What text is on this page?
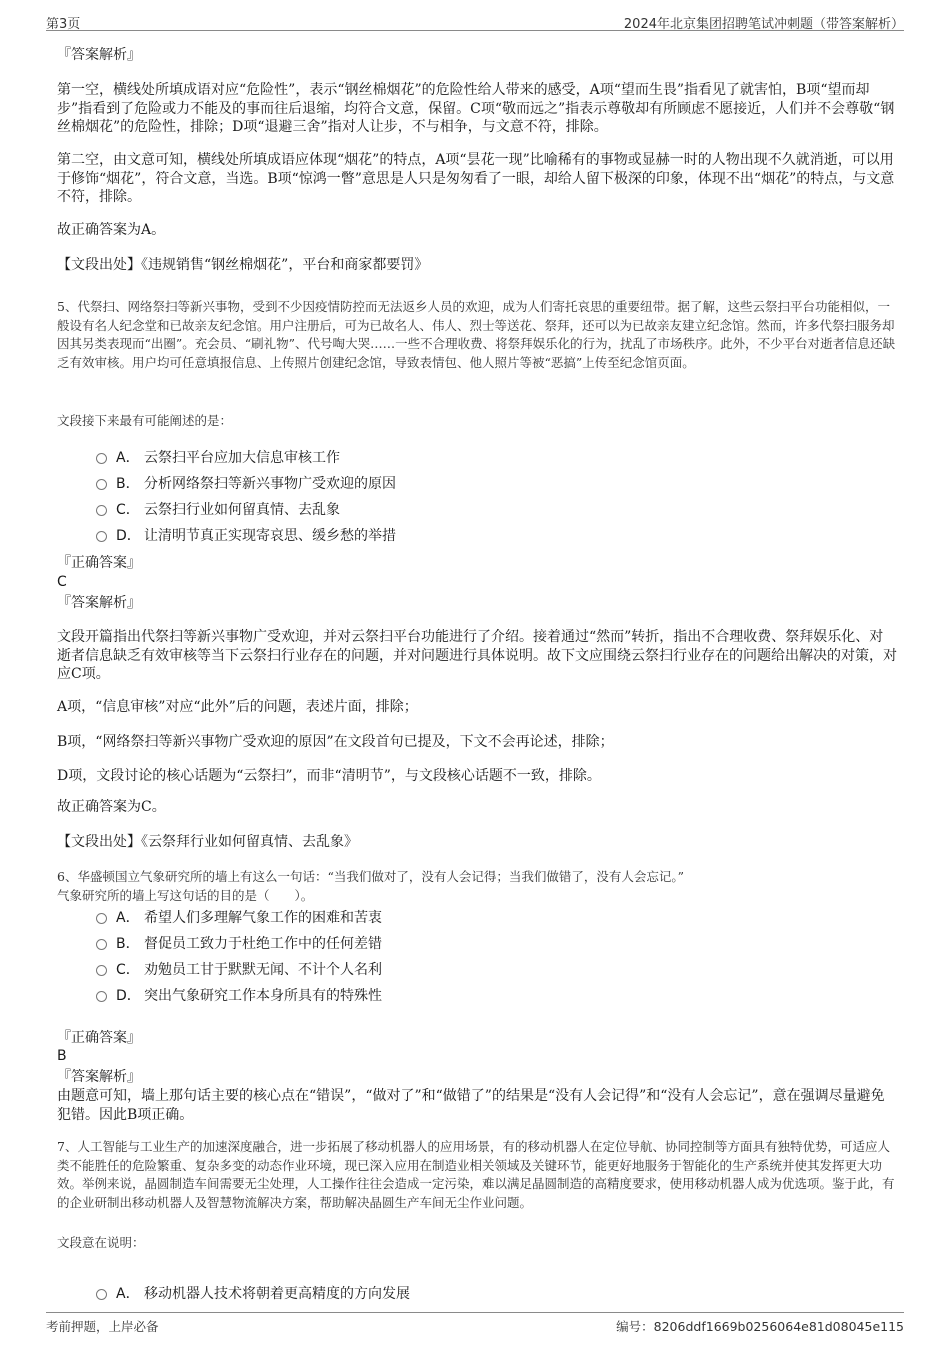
第3页	2024年北京集团招聘笔试冲刺题（带答案解析）

『答案解析』

第一空，横线处所填成语对应“危险性”，表示“钢丝棉烟花”的危险性给人带来的感受，A项“望而生畏”指看见了就害怕，B项“望而却步”指看到了危险或力不能及的事而往后退缩，均符合文意，保留。C项“敬而远之”指表示尊敬却有所顾虑不愿接近，人们并不会尊敬“钢丝棉烟花”的危险性，排除；D项“退避三舍”指对人让步，不与相争，与文意不符，排除。

第二空，由文意可知，横线处所填成语应体现“烟花”的特点，A项“昙花一现”比喻稀有的事物或显赫一时的人物出现不久就消逝，可以用于修饰“烟花”，符合文意，当选。B项“惊鸿一瞥”意思是人只是匆匆看了一眼，却给人留下极深的印象，体现不出“烟花”的特点，与文意不符，排除。

故正确答案为A。

【文段出处】《违规销售“钢丝棉烟花”，平台和商家都要罚》

5、代祭扫、网络祭扫等新兴事物，受到不少因疫情防控而无法返乡人员的欢迎，成为人们寄托哀思的重要纽带。据了解，这些云祭扫平台功能相似，一般设有名人纪念堂和已故亲友纪念馆。用户注册后，可为已故名人、伟人、烈士等送花、祭拜，还可以为已故亲友建立纪念馆。然而，许多代祭扫服务却因其另类表现而“出圈”。充会员、“刷礼物”、代号啕大哭……一些不合理收费、将祭拜娱乐化的行为，扰乱了市场秩序。此外，不少平台对逝者信息还缺乏有效审核。用户均可任意填报信息、上传照片创建纪念馆，导致表情包、他人照片等被“恶搞”上传至纪念馆页面。

文段接下来最有可能阐述的是：

A． 云祭扫平台应加大信息审核工作
B． 分析网络祭扫等新兴事物广受欢迎的原因
C． 云祭扫行业如何留真情、去乱象
D． 让清明节真正实现寄哀思、缓乡愁的举措

『正确答案』

C

『答案解析』

文段开篇指出代祭扫等新兴事物广受欢迎，并对云祭扫平台功能进行了介绍。接着通过“然而”转折，指出不合理收费、祭拜娱乐化、对逝者信息缺乏有效审核等当下云祭扫行业存在的问题，并对问题进行具体说明。故下文应围绕云祭扫行业存在的问题给出解决的对策，对应C项。

A项，“信息审核”对应“此外”后的问题，表述片面，排除；

B项，“网络祭扫等新兴事物广受欢迎的原因”在文段首句已提及，下文不会再论述，排除；

D项，文段讨论的核心话题为“云祭扫”，而非“清明节”，与文段核心话题不一致，排除。

故正确答案为C。

【文段出处】《云祭拜行业如何留真情、去乱象》

6、华盛顿国立气象研究所的墙上有这么一句话：“当我们做对了，没有人会记得；当我们做错了，没有人会忘记。”

气象研究所的墙上写这句话的目的是（　　）。

A． 希望人们多理解气象工作的困难和苦衷
B． 督促员工致力于杜绝工作中的任何差错
C． 劝勉员工甘于默默无闻、不计个人名利
D． 突出气象研究工作本身所具有的特殊性

『正确答案』

B

『答案解析』

由题意可知，墙上那句话主要的核心点在“错误”，“做对了”和“做错了”的结果是“没有人会记得”和“没有人会忘记”，意在强调尽量避免犯错。因此B项正确。

7、人工智能与工业生产的加速深度融合，进一步拓展了移动机器人的应用场景，有的移动机器人在定位导航、协同控制等方面具有独特优势，可适应人类不能胜任的危险繁重、复杂多变的动态作业环境，现已深入应用在制造业相关领域及关键环节，能更好地服务于智能化的生产系统并使其发挥更大功效。举例来说，晶圆制造车间需要无尘处理，人工操作往往会造成一定污染，难以满足晶圆制造的高精度要求，使用移动机器人成为优选项。鉴于此，有的企业研制出移动机器人及智慧物流解决方案，帮助解决晶圆生产车间无尘作业问题。

文段意在说明：

A． 移动机器人技术将朝着更高精度的方向发展
考前押题，上岸必备	编号：8206ddf1669b0256064e81d08045e115
